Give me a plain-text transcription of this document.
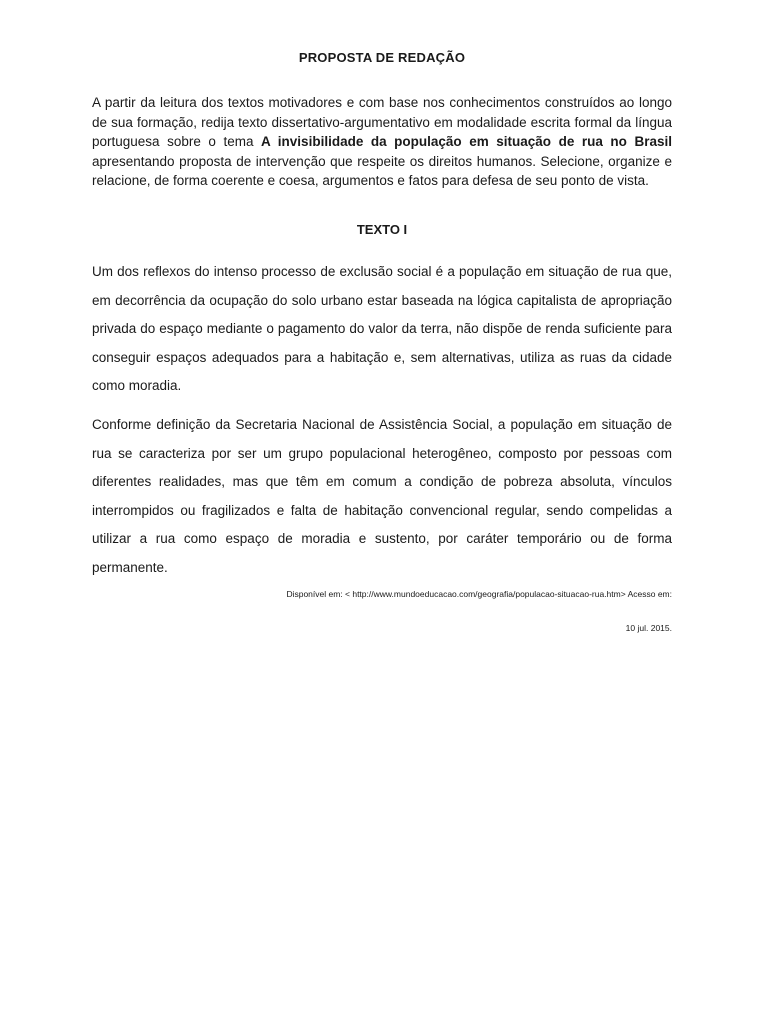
PROPOSTA DE REDAÇÃO
A partir da leitura dos textos motivadores e com base nos conhecimentos construídos ao longo de sua formação, redija texto dissertativo-argumentativo em modalidade escrita formal da língua portuguesa sobre o tema A invisibilidade da população em situação de rua no Brasil apresentando proposta de intervenção que respeite os direitos humanos. Selecione, organize e relacione, de forma coerente e coesa, argumentos e fatos para defesa de seu ponto de vista.
TEXTO I
Um dos reflexos do intenso processo de exclusão social é a população em situação de rua que, em decorrência da ocupação do solo urbano estar baseada na lógica capitalista de apropriação privada do espaço mediante o pagamento do valor da terra, não dispõe de renda suficiente para conseguir espaços adequados para a habitação e, sem alternativas, utiliza as ruas da cidade como moradia.
Conforme definição da Secretaria Nacional de Assistência Social, a população em situação de rua se caracteriza por ser um grupo populacional heterogêneo, composto por pessoas com diferentes realidades, mas que têm em comum a condição de pobreza absoluta, vínculos interrompidos ou fragilizados e falta de habitação convencional regular, sendo compelidas a utilizar a rua como espaço de moradia e sustento, por caráter temporário ou de forma permanente.
Disponível em: < http://www.mundoeducacao.com/geografia/populacao-situacao-rua.htm> Acesso em:
10 jul. 2015.
